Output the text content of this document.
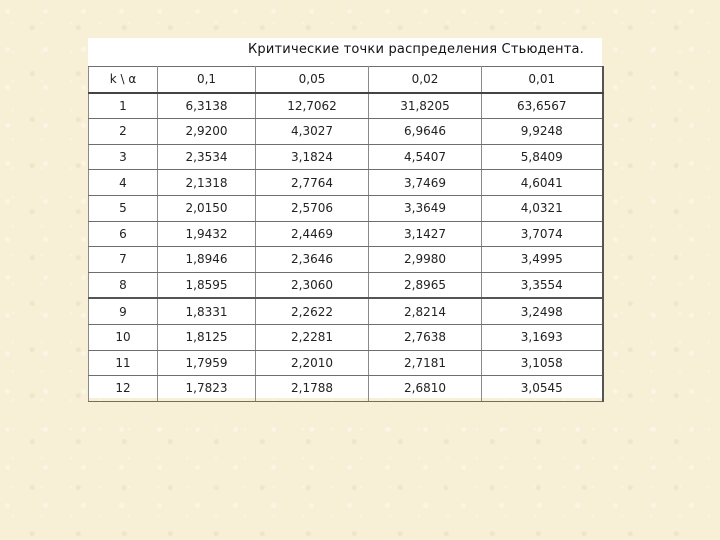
Критические точки распределения Стьюдента.
k \ α	0,1	0,05	0,02	0,01
1	6,3138	12,7062	31,8205	63,6567
2	2,9200	4,3027	6,9646	9,9248
3	2,3534	3,1824	4,5407	5,8409
4	2,1318	2,7764	3,7469	4,6041
5	2,0150	2,5706	3,3649	4,0321
6	1,9432	2,4469	3,1427	3,7074
7	1,8946	2,3646	2,9980	3,4995
8	1,8595	2,3060	2,8965	3,3554
9	1,8331	2,2622	2,8214	3,2498
10	1,8125	2,2281	2,7638	3,1693
11	1,7959	2,2010	2,7181	3,1058
12	1,7823	2,1788	2,6810	3,0545
